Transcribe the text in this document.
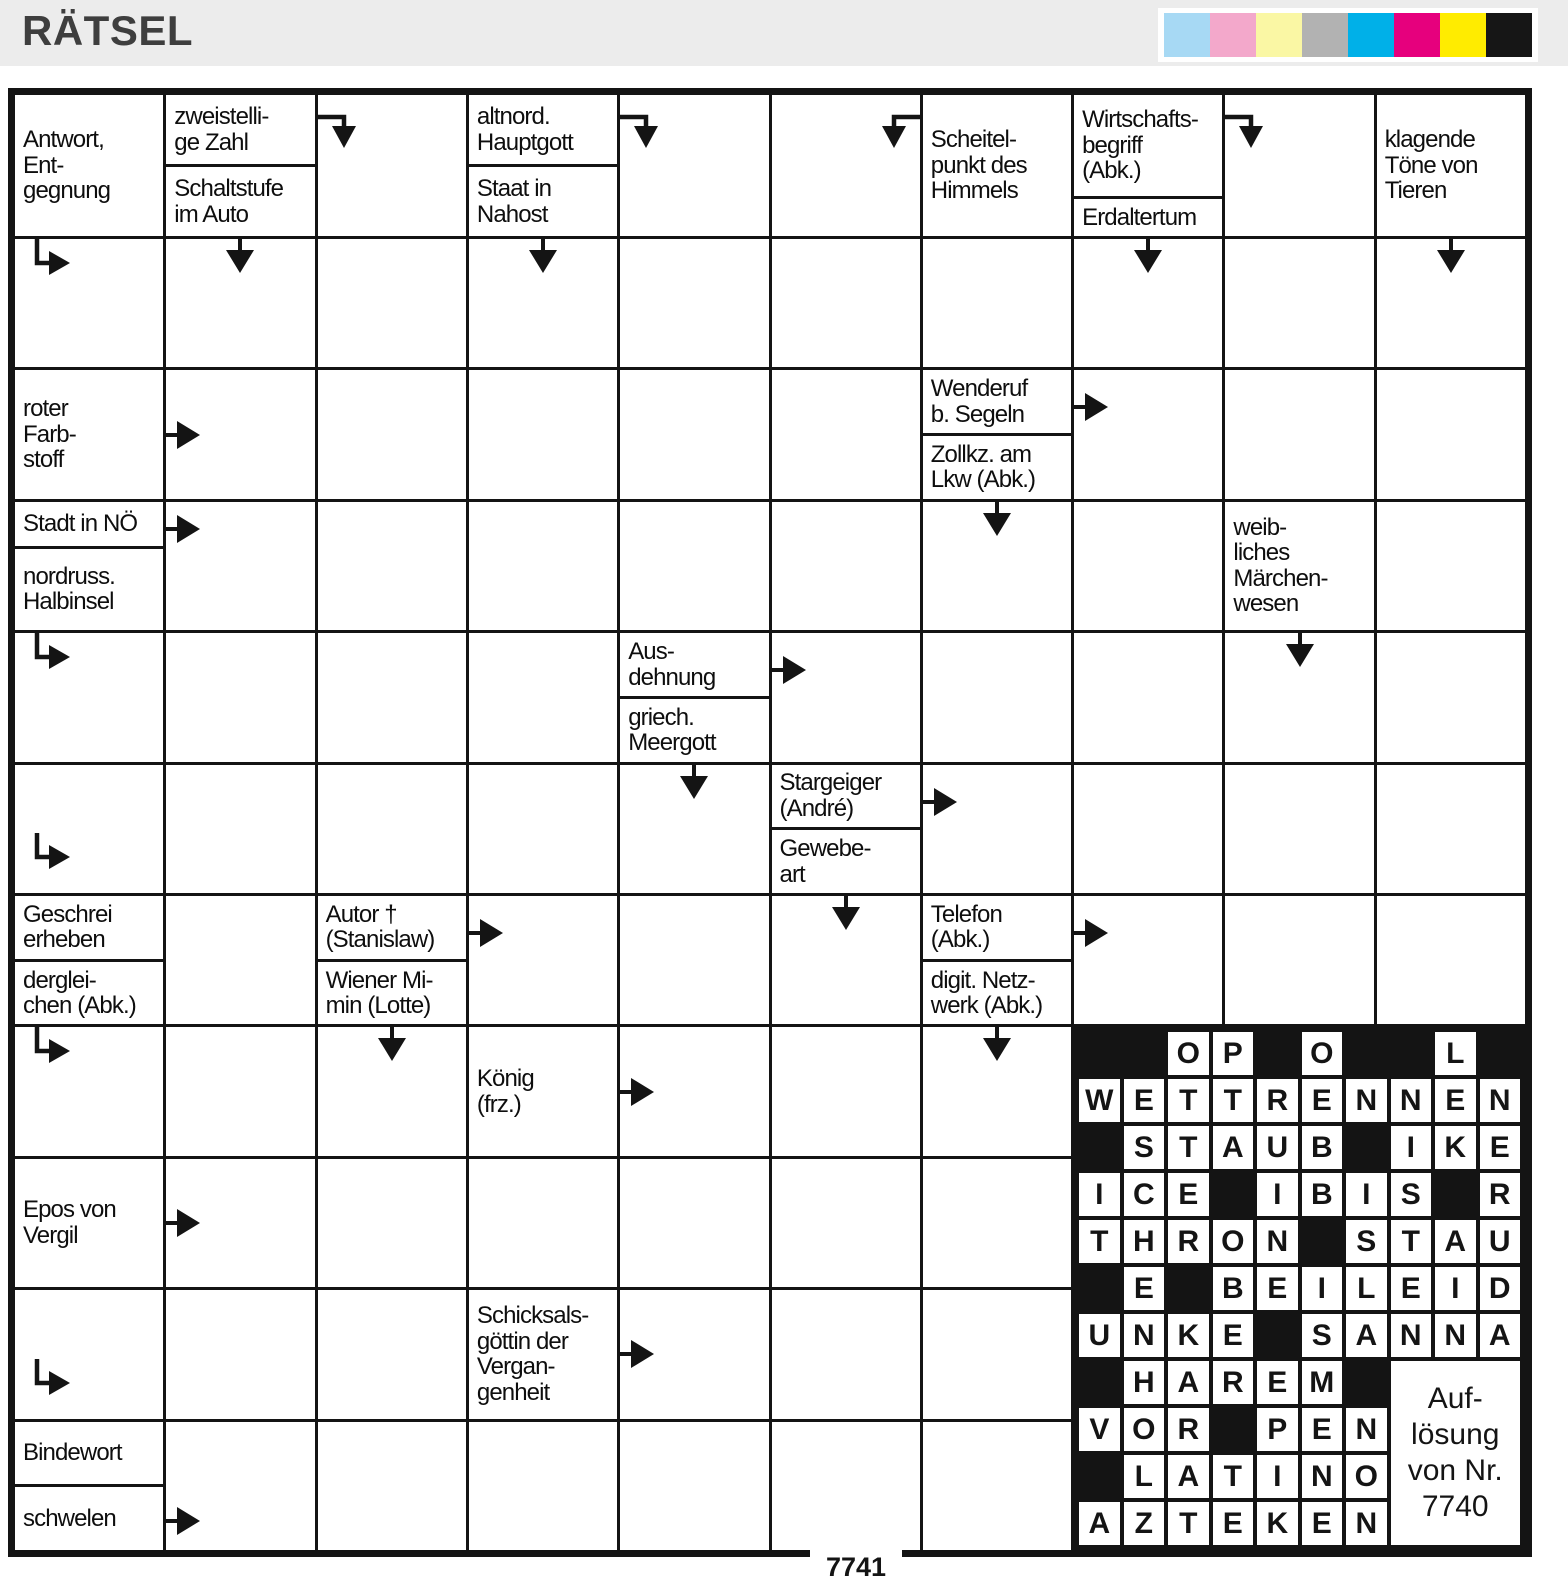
RÄTSEL
Antwort,
Ent-
gegnung
zweistelli-
ge Zahl
Schaltstufe
im Auto
altnord.
Hauptgott
Staat in
Nahost
Scheitel-
punkt des
Himmels
Wirtschafts-
begriff
(Abk.)
Erdaltertum
klagende
Töne von
Tieren
roter
Farb-
stoff
Wenderuf
b. Segeln
Zollkz. am
Lkw (Abk.)
Stadt in NÖ
nordruss.
Halbinsel
weib-
liches
Märchen-
wesen
Aus-
dehnung
griech.
Meergott
Stargeiger
(André)
Gewebe-
art
Geschrei
erheben
derglei-
chen (Abk.)
Autor †
(Stanislaw)
Wiener Mi-
min (Lotte)
Telefon
(Abk.)
digit. Netz-
werk (Abk.)
König
(frz.)
Epos von
Vergil
Schicksals-
göttin der
Vergan-
genheit
Bindewort
schwelen
O P	O	L
W E T T R E N N E N
S T A U B	I K E
I C E	I B I	S	R
T H R O N	S T A U
E	B E	I	L E	I D
U N K E	S A N N A
H A R E M
V O R	P E N
L A T	I N O
A Z T E K E N
Auf-
lösung
von Nr.
7740
7741
